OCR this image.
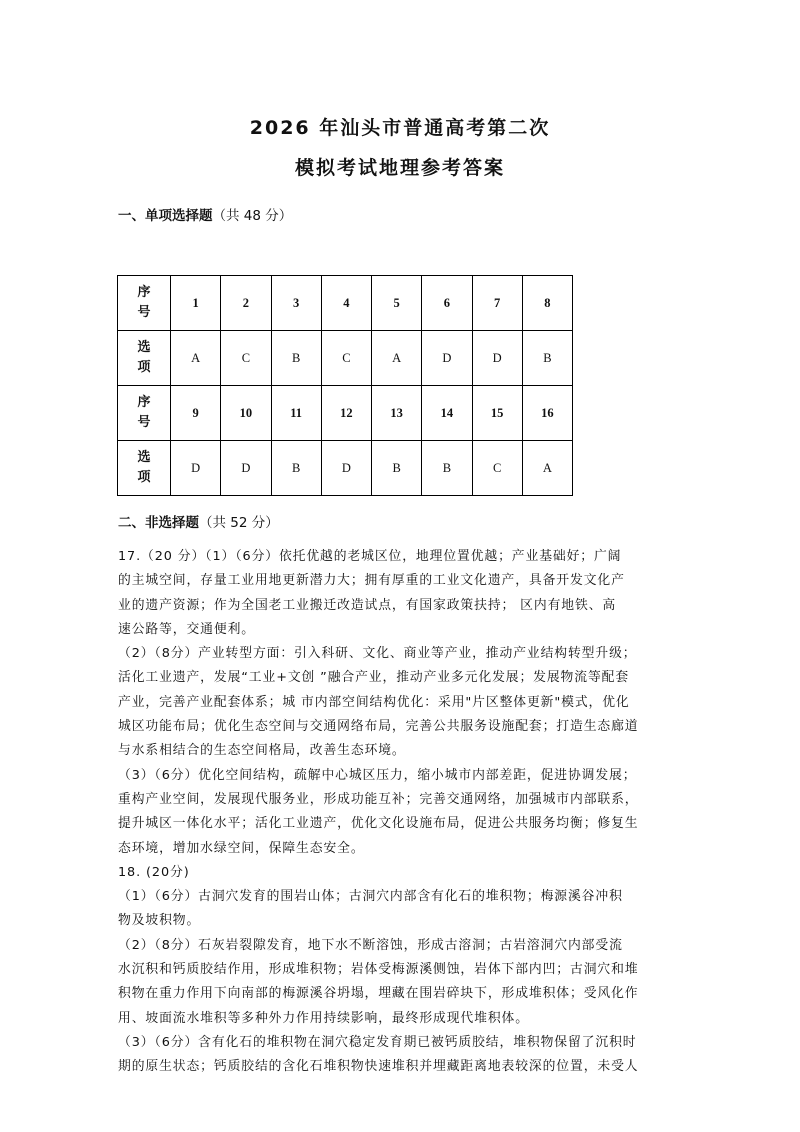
2026 年汕头市普通高考第二次
模拟考试地理参考答案
一、单项选择题（共 48 分）
序
号	1	2	3	4	5	6	7	8
选
项	A	C	B	C	A	D	D	B
序
号	9	10	11	12	13	14	15	16
选
项	D	D	B	D	B	B	C	A
二、非选择题（共 52 分）

17.（20 分）（1）（6分）依托优越的老城区位，地理位置优越；产业基础好；广阔

的主城空间，存量工业用地更新潜力大；拥有厚重的工业文化遗产，具备开发文化产

业的遗产资源；作为全国老工业搬迁改造试点，有国家政策扶持； 区内有地铁、高

速公路等，交通便利。

（2）（8分）产业转型方面：引入科研、文化、商业等产业，推动产业结构转型升级；

活化工业遗产，发展“工业+文创 ”融合产业，推动产业多元化发展；发展物流等配套

产业，完善产业配套体系；城 市内部空间结构优化：采用"片区整体更新"模式，优化

城区功能布局；优化生态空间与交通网络布局，完善公共服务设施配套；打造生态廊道

与水系相结合的生态空间格局，改善生态环境。

（3）（6分）优化空间结构，疏解中心城区压力，缩小城市内部差距，促进协调发展；

重构产业空间，发展现代服务业，形成功能互补；完善交通网络，加强城市内部联系，

提升城区一体化水平；活化工业遗产，优化文化设施布局，促进公共服务均衡；修复生

态环境，增加水绿空间，保障生态安全。

18. (20分)

（1）（6分）古洞穴发育的围岩山体；古洞穴内部含有化石的堆积物；梅源溪谷冲积

物及坡积物。

（2）（8分）石灰岩裂隙发育，地下水不断溶蚀，形成古溶洞；古岩溶洞穴内部受流

水沉积和钙质胶结作用，形成堆积物；岩体受梅源溪侧蚀，岩体下部内凹；古洞穴和堆

积物在重力作用下向南部的梅源溪谷坍塌，埋藏在围岩碎块下，形成堆积体；受风化作

用、坡面流水堆积等多种外力作用持续影响，最终形成现代堆积体。

（3）（6分）含有化石的堆积物在洞穴稳定发育期已被钙质胶结，堆积物保留了沉积时

期的原生状态；钙质胶结的含化石堆积物快速堆积并埋藏距离地表较深的位置，未受人
